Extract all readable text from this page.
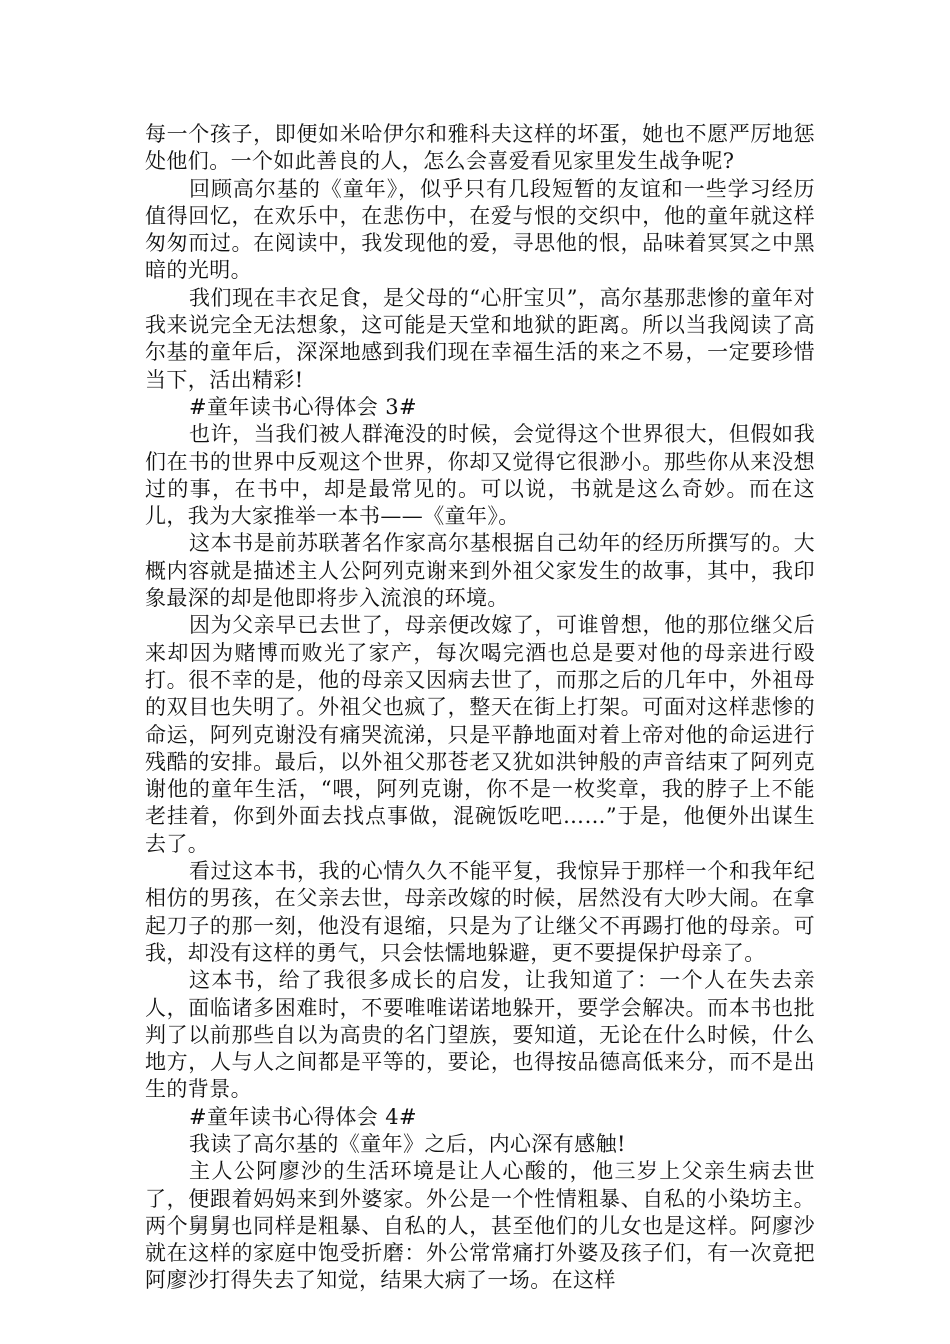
每一个孩子，即便如米哈伊尔和雅科夫这样的坏蛋，她也不愿严厉地惩处他们。一个如此善良的人，怎么会喜爱看见家里发生战争呢?

回顾高尔基的《童年》，似乎只有几段短暂的友谊和一些学习经历值得回忆，在欢乐中，在悲伤中，在爱与恨的交织中，他的童年就这样匆匆而过。在阅读中，我发现他的爱，寻思他的恨，品味着冥冥之中黑暗的光明。

我们现在丰衣足食，是父母的“心肝宝贝”，高尔基那悲惨的童年对我来说完全无法想象，这可能是天堂和地狱的距离。所以当我阅读了高尔基的童年后，深深地感到我们现在幸福生活的来之不易，一定要珍惜当下，活出精彩!

#童年读书心得体会 3#

也许，当我们被人群淹没的时候，会觉得这个世界很大，但假如我们在书的世界中反观这个世界，你却又觉得它很渺小。那些你从来没想过的事，在书中，却是最常见的。可以说，书就是这么奇妙。而在这儿，我为大家推举一本书——《童年》。

这本书是前苏联著名作家高尔基根据自己幼年的经历所撰写的。大概内容就是描述主人公阿列克谢来到外祖父家发生的故事，其中，我印象最深的却是他即将步入流浪的环境。

因为父亲早已去世了，母亲便改嫁了，可谁曾想，他的那位继父后来却因为赌博而败光了家产，每次喝完酒也总是要对他的母亲进行殴打。很不幸的是，他的母亲又因病去世了，而那之后的几年中，外祖母的双目也失明了。外祖父也疯了，整天在街上打架。可面对这样悲惨的命运，阿列克谢没有痛哭流涕，只是平静地面对着上帝对他的命运进行残酷的安排。最后，以外祖父那苍老又犹如洪钟般的声音结束了阿列克谢他的童年生活，“喂，阿列克谢，你不是一枚奖章，我的脖子上不能老挂着，你到外面去找点事做，混碗饭吃吧……”于是，他便外出谋生去了。

看过这本书，我的心情久久不能平复，我惊异于那样一个和我年纪相仿的男孩，在父亲去世，母亲改嫁的时候，居然没有大吵大闹。在拿起刀子的那一刻，他没有退缩，只是为了让继父不再踢打他的母亲。可我，却没有这样的勇气，只会怯懦地躲避，更不要提保护母亲了。

这本书，给了我很多成长的启发，让我知道了：一个人在失去亲人，面临诸多困难时，不要唯唯诺诺地躲开，要学会解决。而本书也批判了以前那些自以为高贵的名门望族，要知道，无论在什么时候，什么地方，人与人之间都是平等的，要论，也得按品德高低来分，而不是出生的背景。

#童年读书心得体会 4#

我读了高尔基的《童年》之后，内心深有感触!

主人公阿廖沙的生活环境是让人心酸的，他三岁上父亲生病去世了，便跟着妈妈来到外婆家。外公是一个性情粗暴、自私的小染坊主。两个舅舅也同样是粗暴、自私的人，甚至他们的儿女也是这样。阿廖沙就在这样的家庭中饱受折磨：外公常常痛打外婆及孩子们，有一次竟把阿廖沙打得失去了知觉，结果大病了一场。在这样
